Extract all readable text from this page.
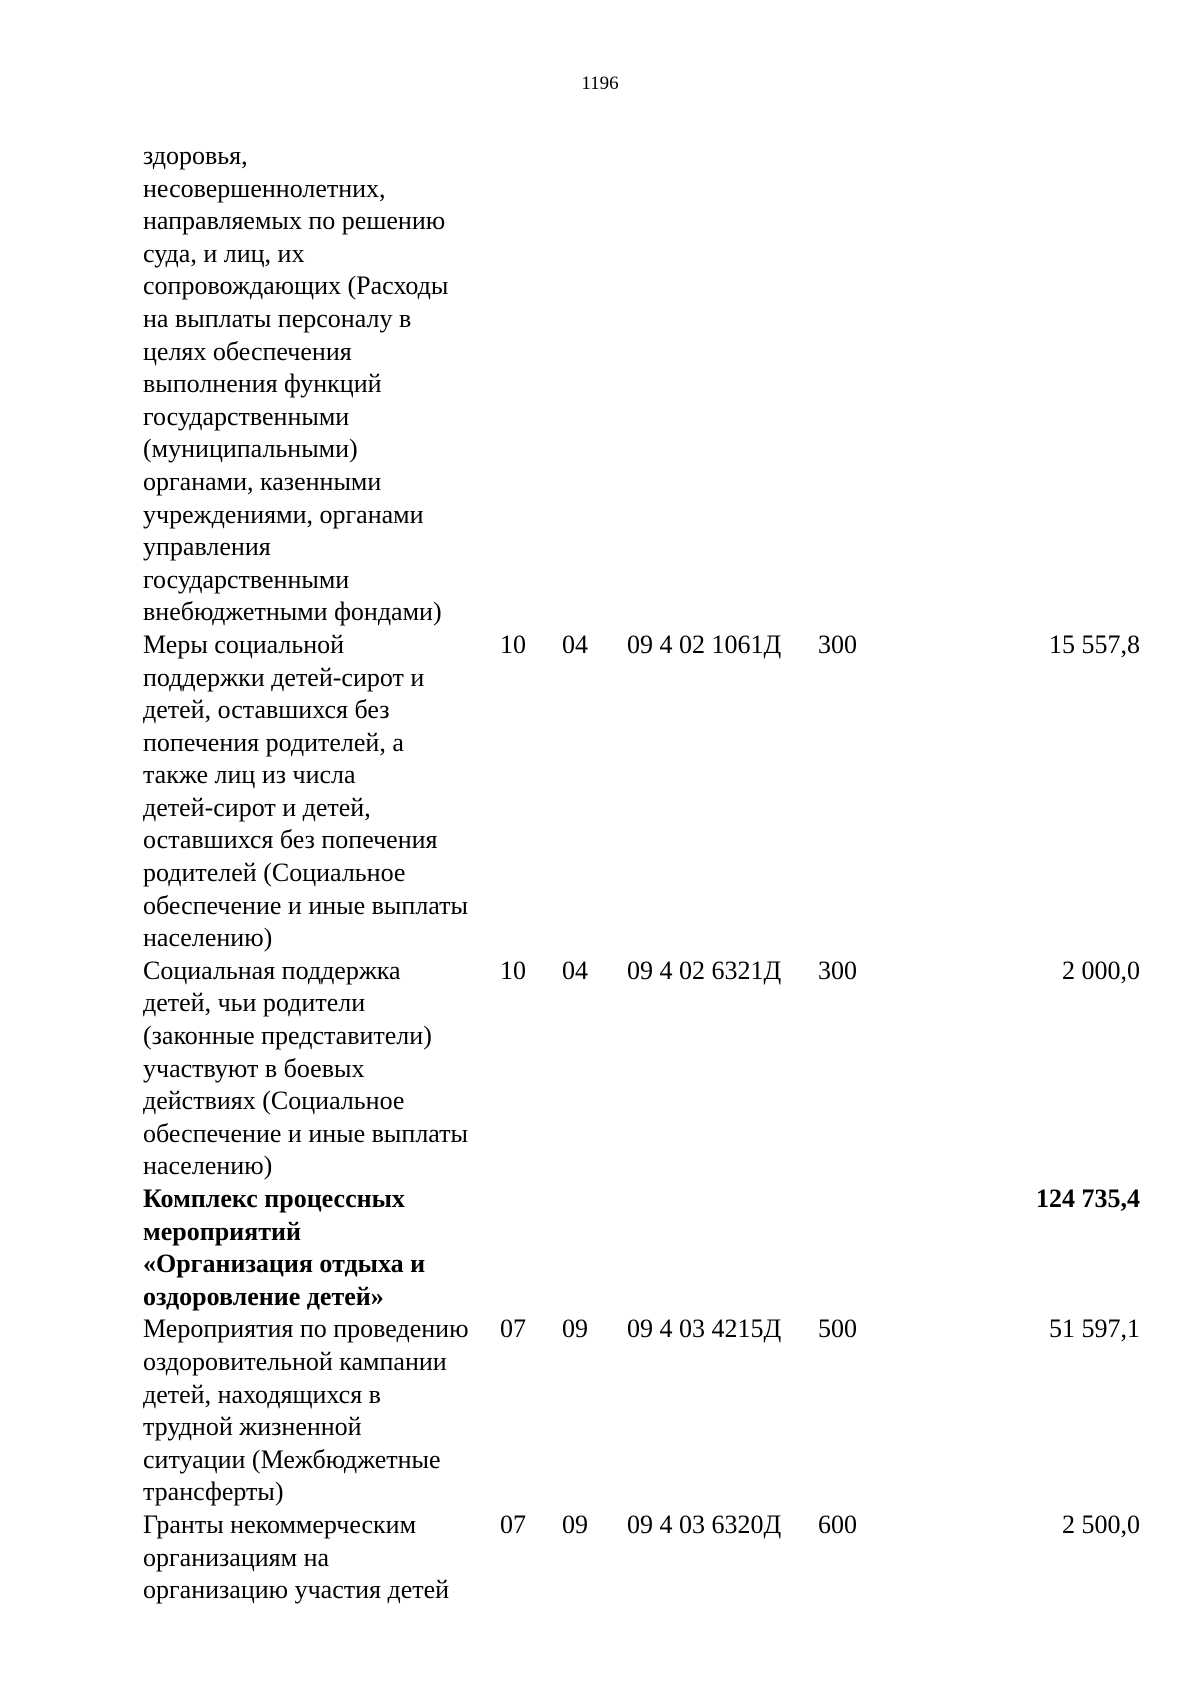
1196
здоровья,
несовершеннолетних,
направляемых по решению
суда, и лиц, их
сопровождающих (Расходы
на выплаты персоналу в
целях обеспечения
выполнения функций
государственными
(муниципальными)
органами, казенными
учреждениями, органами
управления
государственными
внебюджетными фондами)
Меры социальной
поддержки детей-сирот и
детей, оставшихся без
попечения родителей, а
также лиц из числа
детей-сирот и детей,
оставшихся без попечения
родителей (Социальное
обеспечение и иные выплаты
населению)
10 04 09 4 02 1061Д 300	15 557,8
Социальная поддержка
детей, чьи родители
(законные представители)
участвуют в боевых
действиях (Социальное
обеспечение и иные выплаты
населению)
10 04 09 4 02 6321Д 300	2 000,0
Комплекс процессных
мероприятий
«Организация отдыха и
оздоровление детей»
124 735,4
Мероприятия по проведению
оздоровительной кампании
детей, находящихся в
трудной жизненной
ситуации (Межбюджетные
трансферты)
07 09 09 4 03 4215Д 500	51 597,1
Гранты некоммерческим
организациям на
организацию участия детей
07 09 09 4 03 6320Д 600	2 500,0
